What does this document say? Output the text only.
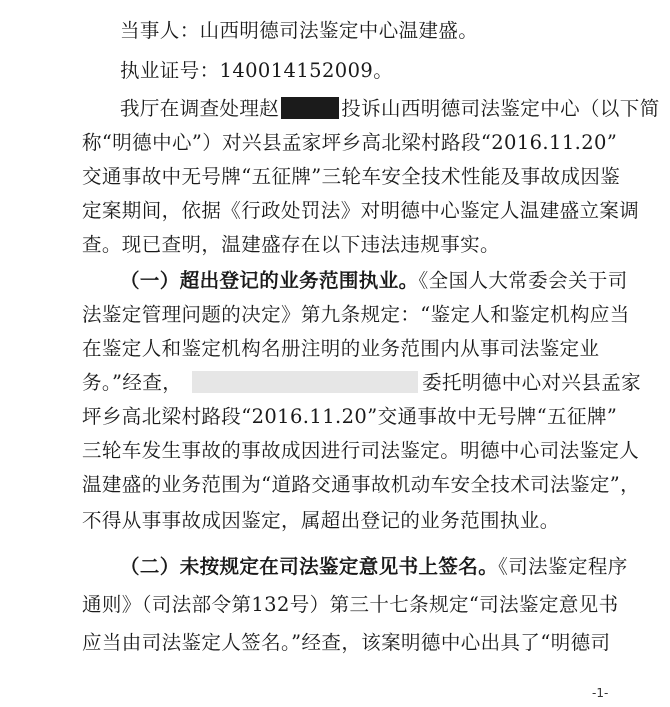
当事人：山西明德司法鉴定中心温建盛。
执业证号：140014152009。
我厅在调查处理赵	投诉山西明德司法鉴定中心（以下简
称“明德中心”）对兴县孟家坪乡高北梁村路段“2016.11.20”
交通事故中无号牌“五征牌”三轮车安全技术性能及事故成因鉴
定案期间，依据《行政处罚法》对明德中心鉴定人温建盛立案调
查。现已查明，温建盛存在以下违法违规事实。
（一）超出登记的业务范围执业。《全国人大常委会关于司
法鉴定管理问题的决定》第九条规定：“鉴定人和鉴定机构应当
在鉴定人和鉴定机构名册注明的业务范围内从事司法鉴定业
务。”经查，	委托明德中心对兴县孟家
坪乡高北梁村路段“2016.11.20”交通事故中无号牌“五征牌”
三轮车发生事故的事故成因进行司法鉴定。明德中心司法鉴定人
温建盛的业务范围为“道路交通事故机动车安全技术司法鉴定”，
不得从事事故成因鉴定，属超出登记的业务范围执业。
（二）未按规定在司法鉴定意见书上签名。《司法鉴定程序
通则》（司法部令第132号）第三十七条规定“司法鉴定意见书
应当由司法鉴定人签名。”经查，该案明德中心出具了“明德司
-1-
